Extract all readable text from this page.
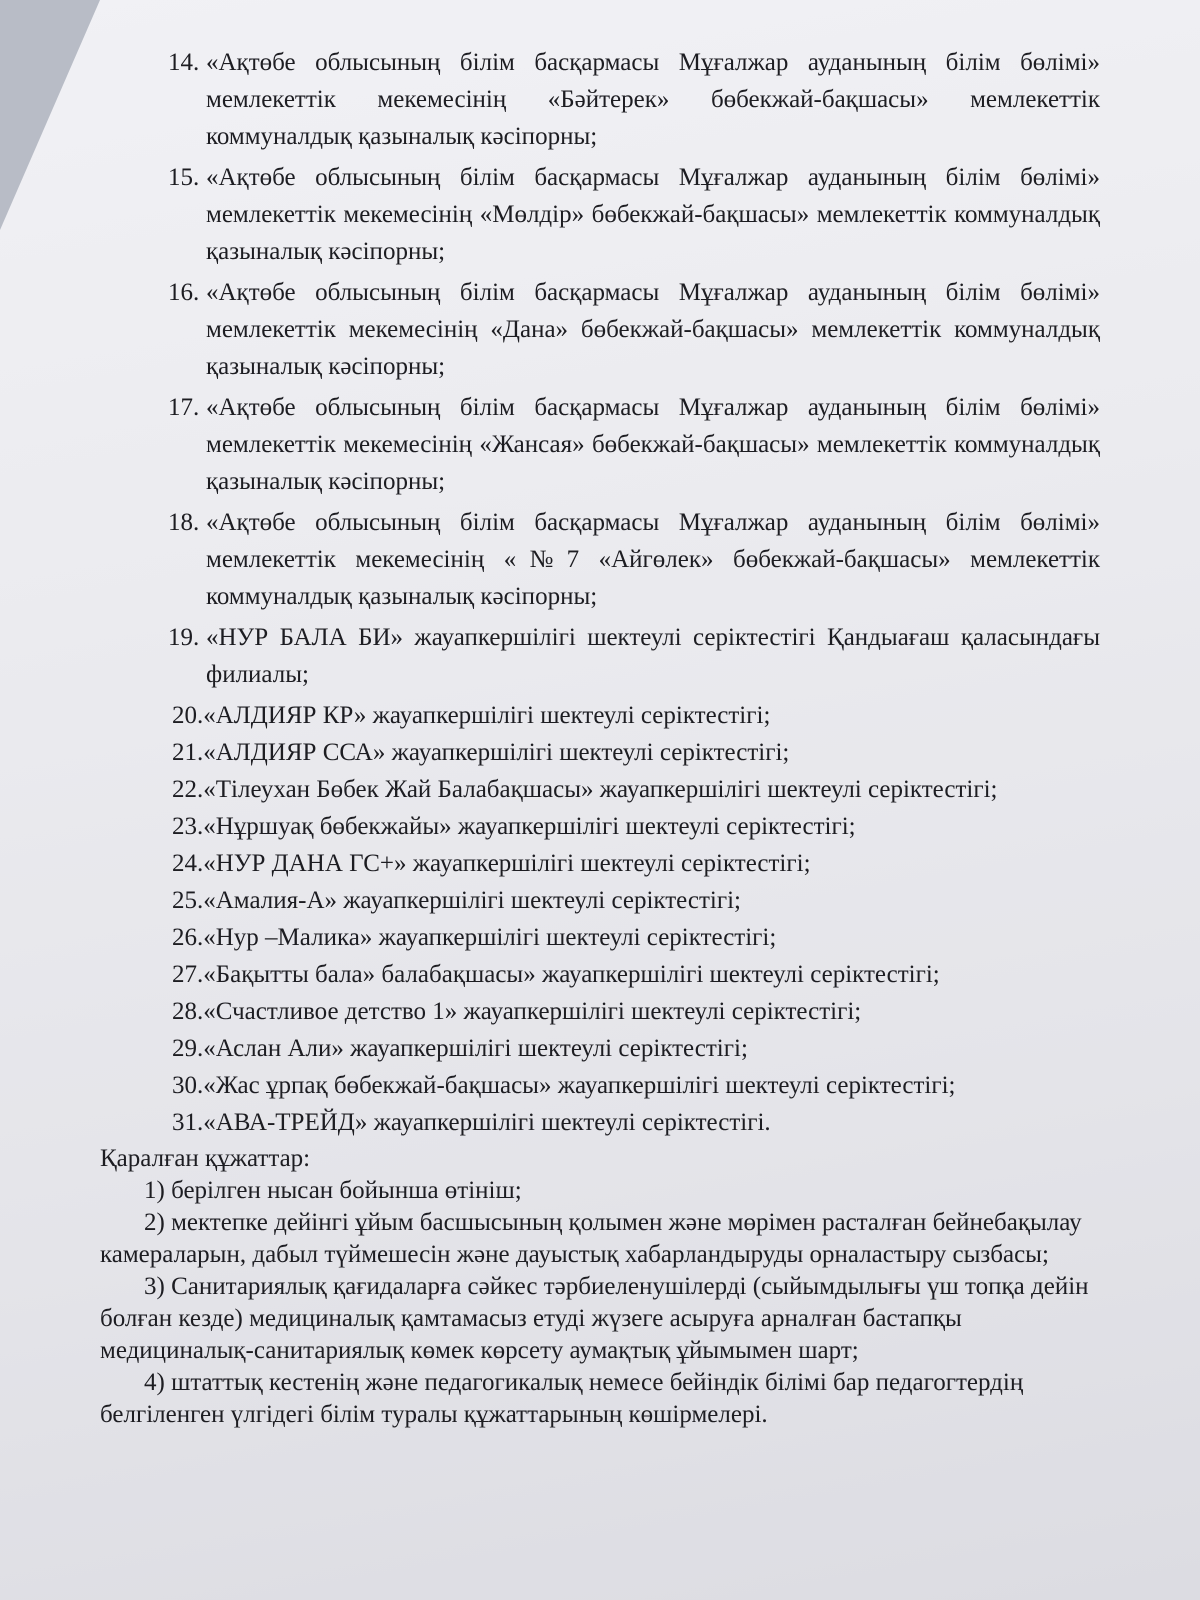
14. «Ақтөбе облысының білім басқармасы Мұғалжар ауданының білім бөлімі» мемлекеттік мекемесінің «Бәйтерек» бөбекжай-бақшасы» мемлекеттік коммуналдық қазыналық кәсіпорны;
15. «Ақтөбе облысының білім басқармасы Мұғалжар ауданының білім бөлімі» мемлекеттік мекемесінің «Мөлдір» бөбекжай-бақшасы» мемлекеттік коммуналдық қазыналық кәсіпорны;
16. «Ақтөбе облысының білім басқармасы Мұғалжар ауданының білім бөлімі» мемлекеттік мекемесінің «Дана» бөбекжай-бақшасы» мемлекеттік коммуналдық қазыналық кәсіпорны;
17. «Ақтөбе облысының білім басқармасы Мұғалжар ауданының білім бөлімі» мемлекеттік мекемесінің «Жансая» бөбекжай-бақшасы» мемлекеттік коммуналдық қазыналық кәсіпорны;
18. «Ақтөбе облысының білім басқармасы Мұғалжар ауданының білім бөлімі» мемлекеттік мекемесінің «№7 «Айгөлек» бөбекжай-бақшасы» мемлекеттік коммуналдық қазыналық кәсіпорны;
19. «НУР БАЛА БИ» жауапкершілігі шектеулі серіктестігі Қандыағаш қаласындағы филиалы;
20.«АЛДИЯР КР» жауапкершілігі шектеулі серіктестігі;
21.«АЛДИЯР ССА» жауапкершілігі шектеулі серіктестігі;
22.«Тілеухан Бөбек Жай Балабақшасы» жауапкершілігі шектеулі серіктестігі;
23.«Нұршуақ бөбекжайы» жауапкершілігі шектеулі серіктестігі;
24.«НУР ДАНА ГС+» жауапкершілігі шектеулі серіктестігі;
25.«Амалия-А» жауапкершілігі шектеулі серіктестігі;
26.«Нур –Малика» жауапкершілігі шектеулі серіктестігі;
27.«Бақытты бала» балабақшасы» жауапкершілігі шектеулі серіктестігі;
28.«Счастливое детство 1» жауапкершілігі шектеулі серіктестігі;
29.«Аслан Али» жауапкершілігі шектеулі серіктестігі;
30.«Жас ұрпақ бөбекжай-бақшасы» жауапкершілігі шектеулі серіктестігі;
31.«АВА-ТРЕЙД» жауапкершілігі шектеулі серіктестігі.
Қаралған құжаттар:
1) берілген нысан бойынша өтініш;
2) мектепке дейінгі ұйым басшысының қолымен және мөрімен расталған бейнебақылау камераларын, дабыл түймешесін және дауыстық хабарландыруды орналастыру сызбасы;
3) Санитариялық қағидаларға сәйкес тәрбиеленушілерді (сыйымдылығы үш топқа дейін болған кезде) медициналық қамтамасыз етуді жүзеге асыруға арналған бастапқы медициналық-санитариялық көмек көрсету аумақтық ұйымымен шарт;
4) штаттық кестенің және педагогикалық немесе бейіндік білімі бар педагогтердің белгіленген үлгідегі білім туралы құжаттарының көшірмелері.
